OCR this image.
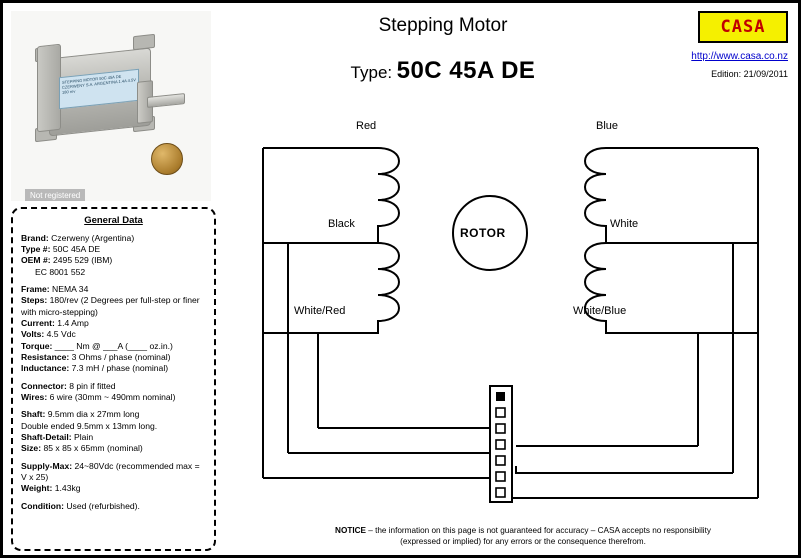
Stepping Motor
Type: 50C 45A DE
CASA
http://www.casa.co.nz
Edition: 21/09/2011
STEPPING MOTOR 50C 45A DE CZERWENY S.A. ARGENTINA 1.4A 4.5V 180 rev
Not registered
General Data

Brand: Czerweny (Argentina)

Type #: 50C 45A DE

OEM #: 2495 529 (IBM)

EC 8001 552

Frame: NEMA 34

Steps: 180/rev (2 Degrees per full-step or finer with micro-stepping)

Current: 1.4 Amp

Volts: 4.5 Vdc

Torque: ____ Nm @ ___A (____ oz.in.)

Resistance: 3 Ohms / phase (nominal)

Inductance: 7.3 mH / phase (nominal)

Connector: 8 pin if fitted

Wires: 6 wire (30mm ~ 490mm nominal)

Shaft: 9.5mm dia x 27mm long

Double ended 9.5mm x 13mm long.

Shaft-Detail: Plain

Size: 85 x 85 x 65mm (nominal)

Supply-Max: 24~80Vdc (recommended max = V x 25)

Weight: 1.43kg

Condition: Used (refurbished).

ROTOR
Red	Blue
Black	White
White/Red	White/Blue
NOTICE – the information on this page is not guaranteed for accuracy – CASA accepts no responsibility
(expressed or implied) for any errors or the consequence therefrom.
